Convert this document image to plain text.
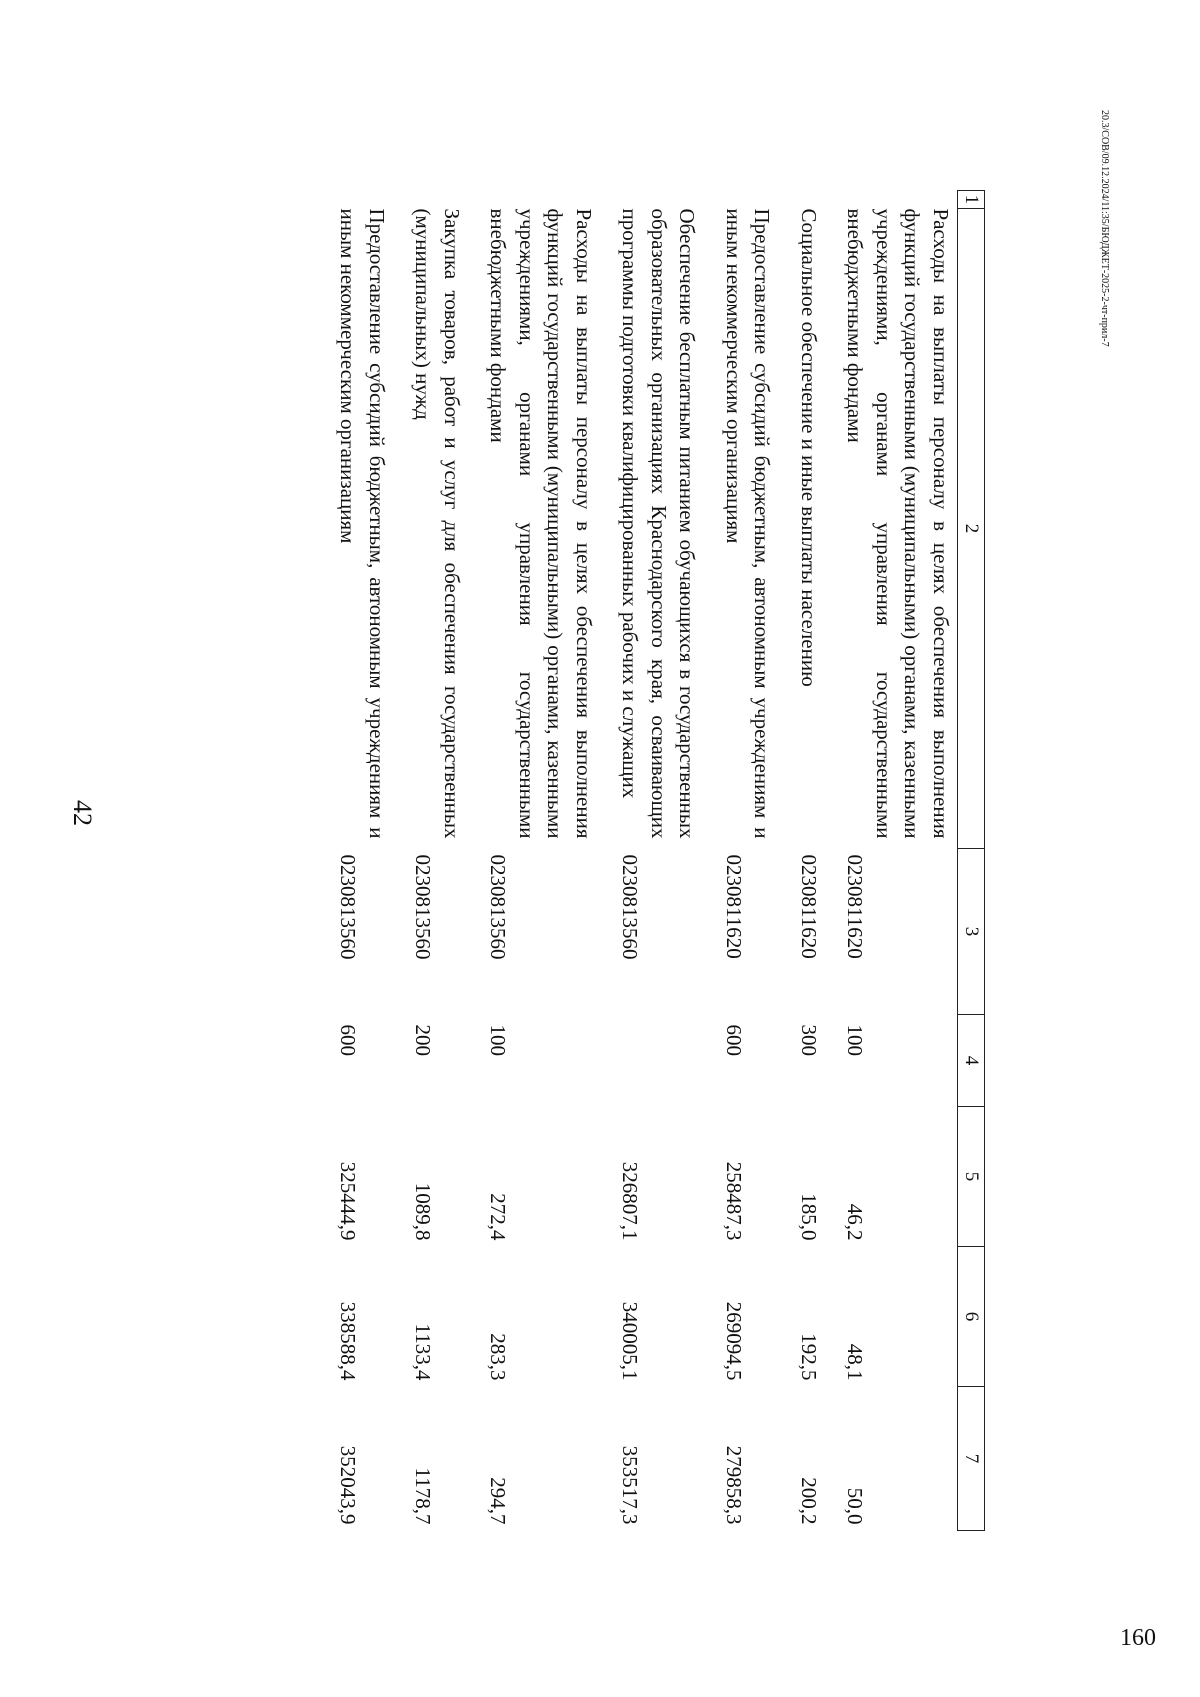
160
20.3/СОВ/09.12.2024/11:35/БЮДЖЕТ-2025-2-чт-прил-7
42
1	2	3	4	5	6	7
	Расходы на выплаты персоналу в целях обеспечения выполнения функций государственными (муниципальными) органами, казенными учреждениями, органами управления государственными внебюджетными фондами	0230811620	100	46,2	48,1	50,0
	Социальное обеспечение и иные выплаты населению	0230811620	300	185,0	192,5	200,2
	Предоставление субсидий бюджетным, автономным учреждениям и иным некоммерческим организациям	0230811620	600	258487,3	269094,5	279858,3
	Обеспечение бесплатным питанием обучающихся в государственных образовательных организациях Краснодарского края, осваивающих программы подготовки квалифицированных рабочих и служащих	0230813560		326807,1	340005,1	353517,3
	Расходы на выплаты персоналу в целях обеспечения выполнения функций государственными (муниципальными) органами, казенными учреждениями, органами управления государственными внебюджетными фондами	0230813560	100	272,4	283,3	294,7
	Закупка товаров, работ и услуг для обеспечения государственных (муниципальных) нужд	0230813560	200	1089,8	1133,4	1178,7
	Предоставление субсидий бюджетным, автономным учреждениям и иным некоммерческим организациям	0230813560	600	325444,9	338588,4	352043,9
